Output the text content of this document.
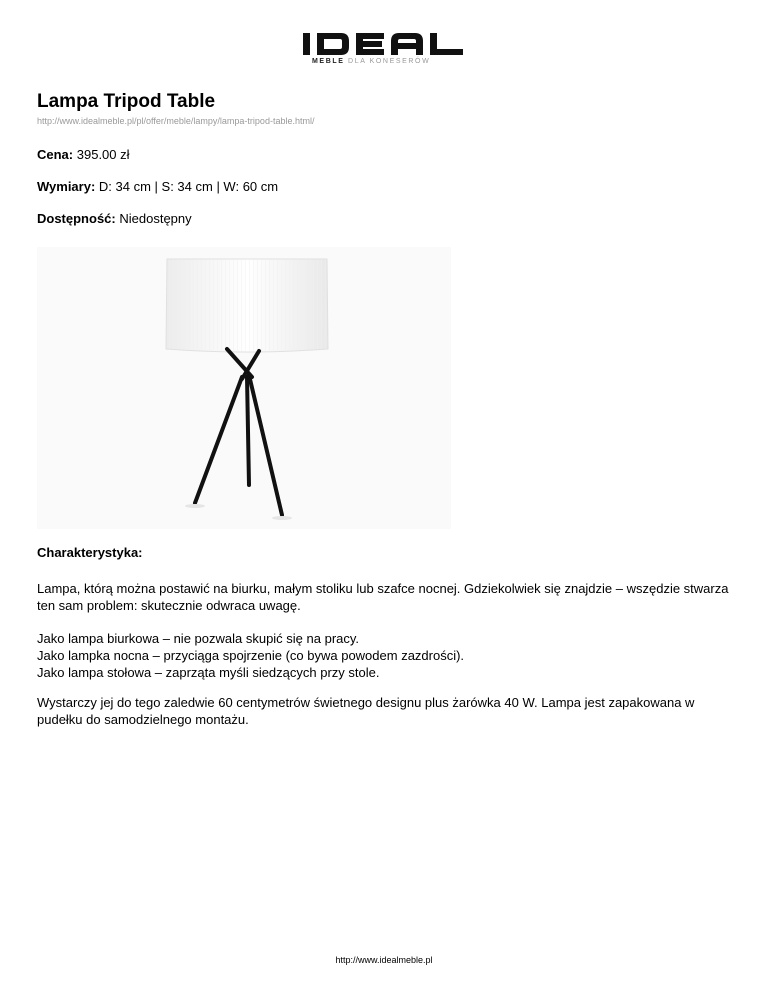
MEBLE DLA KONESERÓW
Lampa Tripod Table
http://www.idealmeble.pl/pl/offer/meble/lampy/lampa-tripod-table.html/
Cena: 395.00 zł
Wymiary: D: 34 cm | S: 34 cm | W: 60 cm
Dostępność: Niedostępny
Charakterystyka:
Lampa, którą można postawić na biurku, małym stoliku lub szafce nocnej. Gdziekolwiek się znajdzie – wszędzie stwarza ten sam problem: skutecznie odwraca uwagę.
Jako lampa biurkowa – nie pozwala skupić się na pracy.
Jako lampka nocna – przyciąga spojrzenie (co bywa powodem zazdrości).
Jako lampa stołowa – zaprząta myśli siedzących przy stole.
Wystarczy jej do tego zaledwie 60 centymetrów świetnego designu plus żarówka 40 W. Lampa jest zapakowana w pudełku do samodzielnego montażu.
http://www.idealmeble.pl
